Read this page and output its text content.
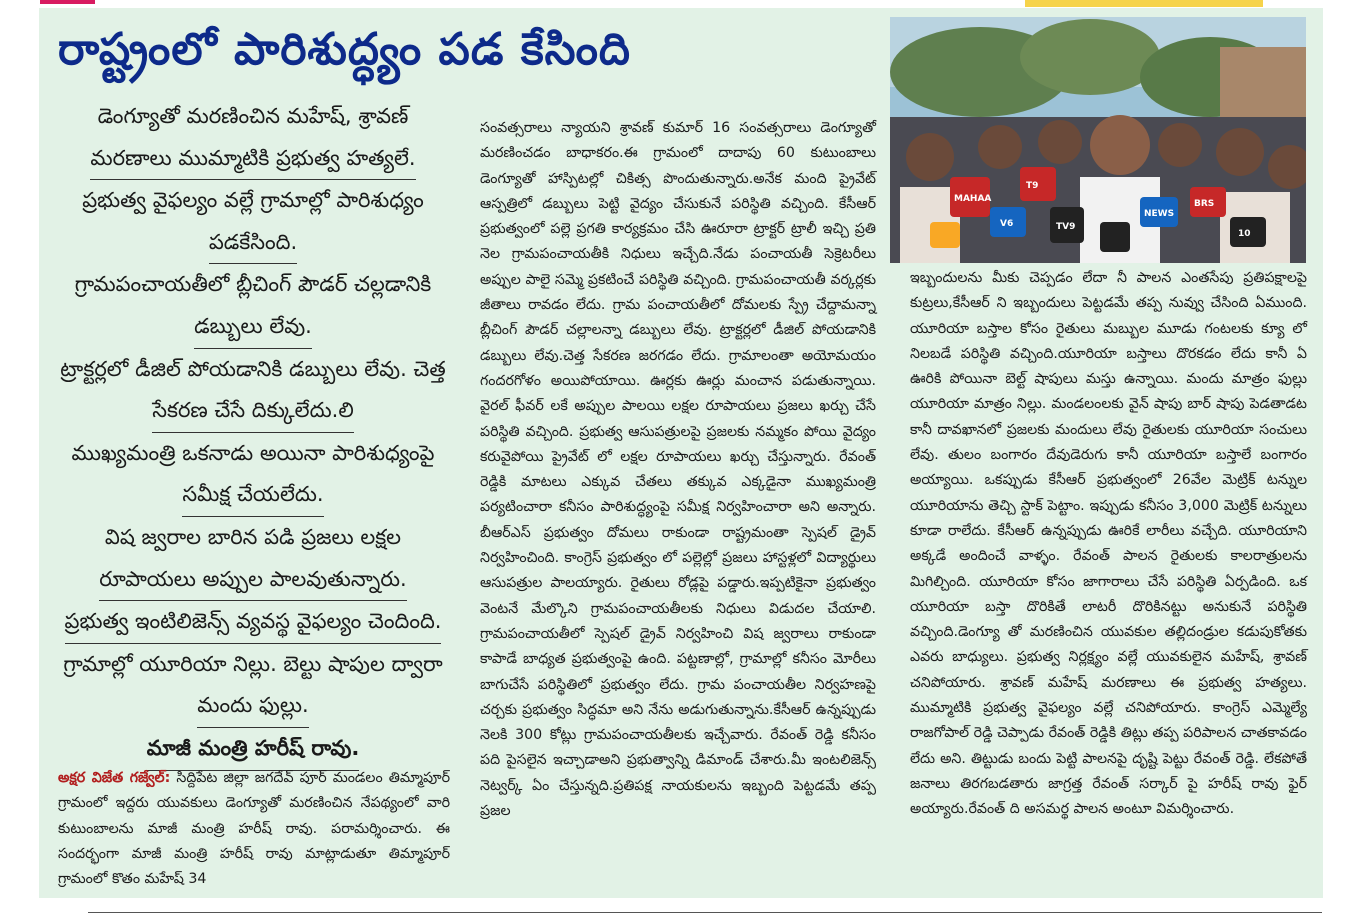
రాష్ట్రంలో పారిశుద్ధ్యం పడ కేసింది
MAHAA
T9
V6	TV9
NEWS
BRS
10
డెంగ్యూతో మరణించిన మహేష్, శ్రావణ్
మరణాలు ముమ్మాటికి ప్రభుత్వ హత్యలే.
ప్రభుత్వ వైఫల్యం వల్లే గ్రామాల్లో పారిశుధ్యం
పడకేసింది.
గ్రామపంచాయతీలో బ్లీచింగ్ పౌడర్ చల్లడానికి
డబ్బులు లేవు.
ట్రాక్టర్లలో డీజిల్ పోయడానికి డబ్బులు లేవు. చెత్త
సేకరణ చేసే దిక్కులేదు.లి
ముఖ్యమంత్రి ఒకనాడు అయినా పారిశుధ్యంపై
సమీక్ష చేయలేదు.
విష జ్వరాల బారిన పడి ప్రజలు లక్షల
రూపాయలు అప్పుల పాలవుతున్నారు.
ప్రభుత్వ ఇంటిలిజెన్స్ వ్యవస్థ వైఫల్యం చెందింది.
గ్రామాల్లో యూరియా నిల్లు. బెల్టు షాపుల ద్వారా
మందు ఫుల్లు.
మాజీ మంత్రి హరీష్ రావు.

అక్షర విజేత గజ్వేల్: సిద్దిపేట జిల్లా జగదేవ్ పూర్ మండలం తిమ్మాపూర్ గ్రామంలో ఇద్దరు యువకులు డెంగ్యూతో మరణించిన నేపథ్యంలో వారి కుటుంబాలను మాజీ మంత్రి హరీష్ రావు. పరామర్శించారు. ఈ సందర్భంగా మాజీ మంత్రి హరీష్ రావు మాట్లాడుతూ తిమ్మాపూర్ గ్రామంలో కొతం మహేష్ 34

సంవత్సరాలు న్యాయని శ్రావణ్ కుమార్ 16 సంవత్సరాలు డెంగ్యూతో మరణించడం బాధాకరం.ఈ గ్రామంలో దాదాపు 60 కుటుంబాలు డెంగ్యూతో హాస్పిటల్లో చికిత్స పొందుతున్నారు.అనేక మంది ప్రైవేట్ ఆస్పత్రిలో డబ్బులు పెట్టి వైద్యం చేసుకునే పరిస్థితి వచ్చింది. కేసీఆర్ ప్రభుత్వంలో పల్లె ప్రగతి కార్యక్రమం చేసి ఊరూరా ట్రాక్టర్ ట్రాలీ ఇచ్చి ప్రతి నెల గ్రామపంచాయతీకి నిధులు ఇచ్చేది.నేడు పంచాయతీ సెక్రెటరీలు అప్పుల పాలై సమ్మె ప్రకటించే పరిస్థితి వచ్చింది. గ్రామపంచాయతీ వర్కర్లకు జీతాలు రావడం లేదు. గ్రామ పంచాయతీలో దోమలకు స్ప్రే చేద్దామన్నా బ్లీచింగ్ పౌడర్ చల్లాలన్నా డబ్బులు లేవు. ట్రాక్టర్లలో డీజిల్ పోయడానికి డబ్బులు లేవు.చెత్త సేకరణ జరగడం లేదు. గ్రామాలంతా అయోమయం గందరగోళం అయిపోయాయి. ఊర్లకు ఊర్లు మంచాన పడుతున్నాయి. వైరల్ ఫీవర్ లకే అప్పుల పాలయి లక్షల రూపాయలు ప్రజలు ఖర్చు చేసే పరిస్థితి వచ్చింది. ప్రభుత్వ ఆసుపత్రులపై ప్రజలకు నమ్మకం పోయి వైద్యం కరువైపోయి ప్రైవేట్ లో లక్షల రూపాయలు ఖర్చు చేస్తున్నారు. రేవంత్ రెడ్డికి మాటలు ఎక్కువ చేతలు తక్కువ ఎక్కడైనా ముఖ్యమంత్రి పర్యటించారా కనీసం పారిశుద్ధ్యంపై సమీక్ష నిర్వహించారా అని అన్నారు. బీఆర్ఎస్ ప్రభుత్వం దోమలు రాకుండా రాష్ట్రమంతా స్పెషల్ డ్రైవ్ నిర్వహించింది. కాంగ్రెస్ ప్రభుత్వం లో పల్లెల్లో ప్రజలు హాస్టళ్లలో విద్యార్థులు ఆసుపత్రుల పాలయ్యారు. రైతులు రోడ్లపై పడ్డారు.ఇప్పటికైనా ప్రభుత్వం వెంటనే మేల్కొని గ్రామపంచాయతీలకు నిధులు విడుదల చేయాలి. గ్రామపంచాయతీలో స్పెషల్ డ్రైవ్ నిర్వహించి విష జ్వరాలు రాకుండా కాపాడే బాధ్యత ప్రభుత్వంపై ఉంది. పట్టణాల్లో, గ్రామాల్లో కనీసం మోరీలు బాగుచేసే పరిస్థితిలో ప్రభుత్వం లేదు. గ్రామ పంచాయతీల నిర్వహణపై చర్చకు ప్రభుత్వం సిద్ధమా అని నేను అడుగుతున్నాను.కేసీఆర్ ఉన్నప్పుడు నెలకి 300 కోట్లు గ్రామపంచాయతీలకు ఇచ్చేవారు. రేవంత్ రెడ్డి కనీసం పది పైసలైన ఇచ్చాడాఅని ప్రభుత్వాన్ని డిమాండ్ చేశారు.మీ ఇంటలిజెన్స్ నెట్వర్క్ ఏం చేస్తున్నది.ప్రతిపక్ష నాయకులను ఇబ్బంది పెట్టడమే తప్ప ప్రజల

ఇబ్బందులను మీకు చెప్పడం లేదా నీ పాలన ఎంతసేపు ప్రతిపక్షాలపై కుట్రలు,కేసీఆర్ ని ఇబ్బందులు పెట్టడమే తప్ప నువ్వు చేసింది ఏముంది. యూరియా బస్తాల కోసం రైతులు మబ్బుల మూడు గంటలకు క్యూ లో నిలబడే పరిస్థితి వచ్చింది.యూరియా బస్తాలు దొరకడం లేదు కానీ ఏ ఊరికి పోయినా బెల్ట్ షాపులు మస్తు ఉన్నాయి. మందు మాత్రం ఫుల్లు యూరియా మాత్రం నిల్లు. మండలంలకు వైన్ షాపు బార్ షాపు పెడతాడట కానీ దావఖానలో ప్రజలకు మందులు లేవు రైతులకు యూరియా సంచులు లేవు. తులం బంగారం దేవుడెరుగు కానీ యూరియా బస్తాలే బంగారం అయ్యాయి. ఒకప్పుడు కేసీఆర్ ప్రభుత్వంలో 26వేల మెట్రిక్ టన్నుల యూరియాను తెచ్చి స్టాక్ పెట్టాం. ఇప్పుడు కనీసం 3,000 మెట్రిక్ టన్నులు కూడా రాలేదు. కేసీఆర్ ఉన్నప్పుడు ఊరికే లారీలు వచ్చేది. యూరియాని అక్కడే అందించే వాళ్ళం. రేవంత్ పాలన రైతులకు కాలరాత్రులను మిగిల్చింది. యూరియా కోసం జాగారాలు చేసే పరిస్థితి ఏర్పడింది. ఒక యూరియా బస్తా దొరికితే లాటరీ దొరికినట్టు అనుకునే పరిస్థితి వచ్చింది.డెంగ్యూ తో మరణించిన యువకుల తల్లిదండ్రుల కడుపుకోతకు ఎవరు బాధ్యులు. ప్రభుత్వ నిర్లక్ష్యం వల్లే యువకులైన మహేష్, శ్రావణ్ చనిపోయారు. శ్రావణ్ మహేష్ మరణాలు ఈ ప్రభుత్వ హత్యలు. ముమ్మాటికి ప్రభుత్వ వైఫల్యం వల్లే చనిపోయారు. కాంగ్రెస్ ఎమ్మెల్యే రాజగోపాల్ రెడ్డి చెప్పాడు రేవంత్ రెడ్డికి తిట్లు తప్ప పరిపాలన చాతకావడం లేదు అని. తిట్టుడు బందు పెట్టి పాలనపై దృష్టి పెట్టు రేవంత్ రెడ్డి. లేకపోతే జనాలు తిరగబడతారు జాగ్రత్త రేవంత్ సర్కార్ పై హరీష్ రావు ఫైర్ అయ్యారు.రేవంత్ ది అసమర్థ పాలన అంటూ విమర్శించారు.
